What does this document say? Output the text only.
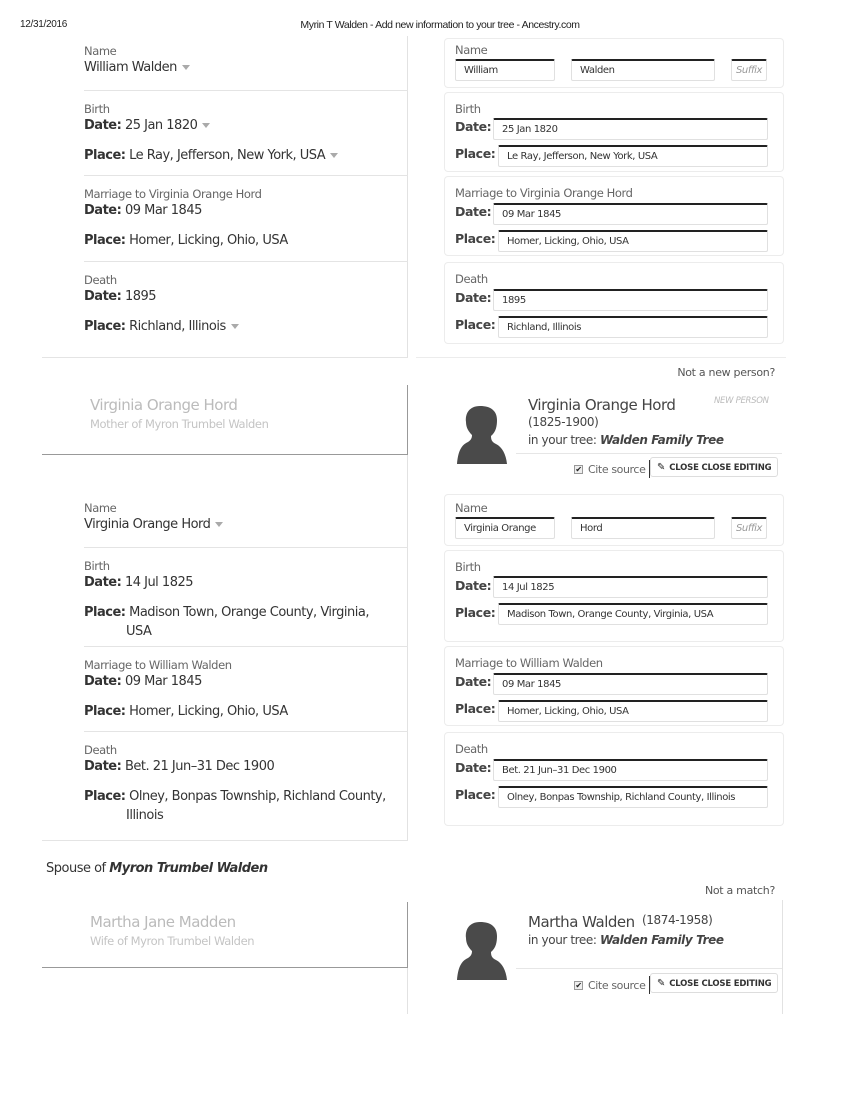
12/31/2016	Myrin T Walden - Add new information to your tree - Ancestry.com
Name
William Walden
Birth
Date: 25 Jan 1820
Place: Le Ray, Jefferson, New York, USA
Marriage to Virginia Orange Hord
Date: 09 Mar 1845
Place: Homer, Licking, Ohio, USA
Death
Date: 1895
Place: Richland, Illinois
Name
William	Walden	Suffix
Birth
Date:	25 Jan 1820
Place:	Le Ray, Jefferson, New York, USA
Marriage to Virginia Orange Hord
Date:	09 Mar 1845
Place:	Homer, Licking, Ohio, USA
Death
Date:	1895
Place:	Richland, Illinois
Not a new person?
Virginia Orange Hord
Mother of Myron Trumbel Walden
Virginia Orange Hord	NEW PERSON
(1825-1900)
in your tree: Walden Family Tree
✔ Cite source	✎ CLOSE CLOSE EDITING
Name
Virginia Orange Hord
Birth
Date: 14 Jul 1825
Place: Madison Town, Orange County, Virginia, USA
Marriage to William Walden
Date: 09 Mar 1845
Place: Homer, Licking, Ohio, USA
Death
Date: Bet. 21 Jun–31 Dec 1900
Place: Olney, Bonpas Township, Richland County, Illinois
Name
Virginia Orange	Hord	Suffix
Birth
Date:	14 Jul 1825
Place:	Madison Town, Orange County, Virginia, USA
Marriage to William Walden
Date:	09 Mar 1845
Place:	Homer, Licking, Ohio, USA
Death
Date:	Bet. 21 Jun–31 Dec 1900
Place:	Olney, Bonpas Township, Richland County, Illinois
Spouse of Myron Trumbel Walden
Not a match?
Martha Jane Madden
Wife of Myron Trumbel Walden
Martha Walden (1874-1958)
in your tree: Walden Family Tree
✔ Cite source	✎ CLOSE CLOSE EDITING
